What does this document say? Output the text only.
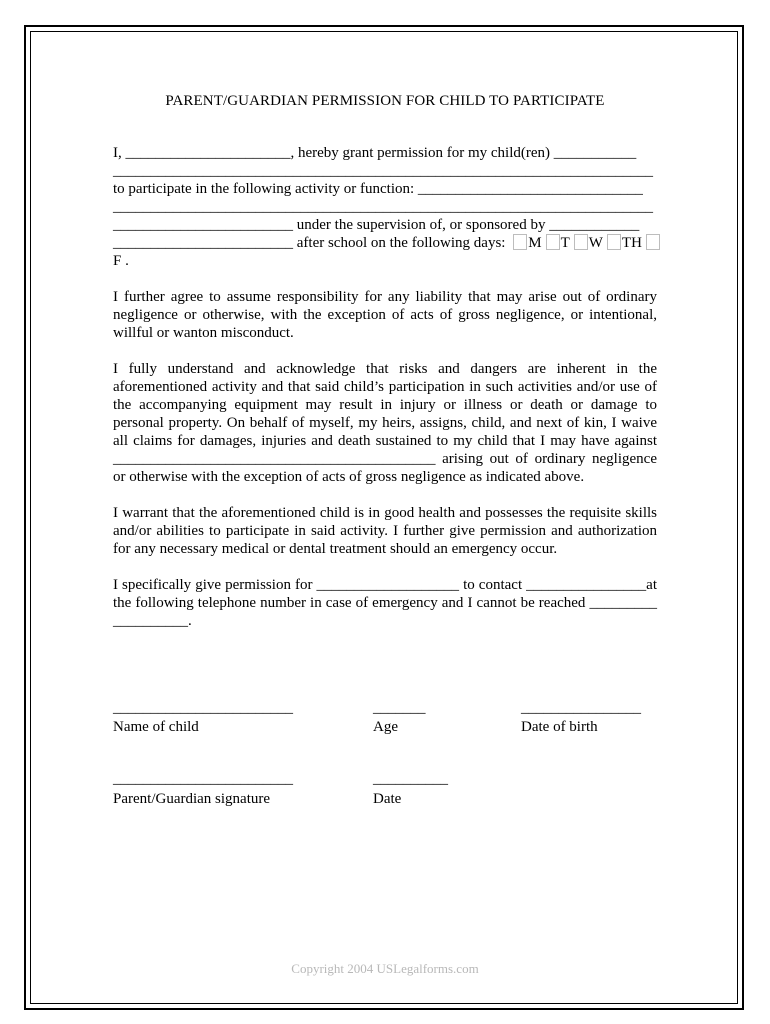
PARENT/GUARDIAN PERMISSION FOR CHILD TO PARTICIPATE
I, ______________________, hereby grant permission for my child(ren) ___________
________________________________________________________________________
to participate in the following activity or function: ______________________________
________________________________________________________________________
________________________ under the supervision of, or sponsored by ____________
________________________ after school on the following days: M T W TH
F .
I further agree to assume responsibility for any liability that may arise out of ordinary negligence or otherwise, with the exception of acts of gross negligence, or intentional, willful or wanton misconduct.
I fully understand and acknowledge that risks and dangers are inherent in the aforementioned activity and that said child’s participation in such activities and/or use of the accompanying equipment may result in injury or illness or death or damage to personal property. On behalf of myself, my heirs, assigns, child, and next of kin, I waive all claims for damages, injuries and death sustained to my child that I may have against ___________________________________________ arising out of ordinary negligence or otherwise with the exception of acts of gross negligence as indicated above.
I warrant that the aforementioned child is in good health and possesses the requisite skills and/or abilities to participate in said activity. I further give permission and authorization for any necessary medical or dental treatment should an emergency occur.
I specifically give permission for ___________________ to contact ________________at the following telephone number in case of emergency and I cannot be reached _________ __________.
________________________	_______	________________
Name of child	Age	Date of birth
________________________	__________
Parent/Guardian signature	Date
Copyright 2004 USLegalforms.com
